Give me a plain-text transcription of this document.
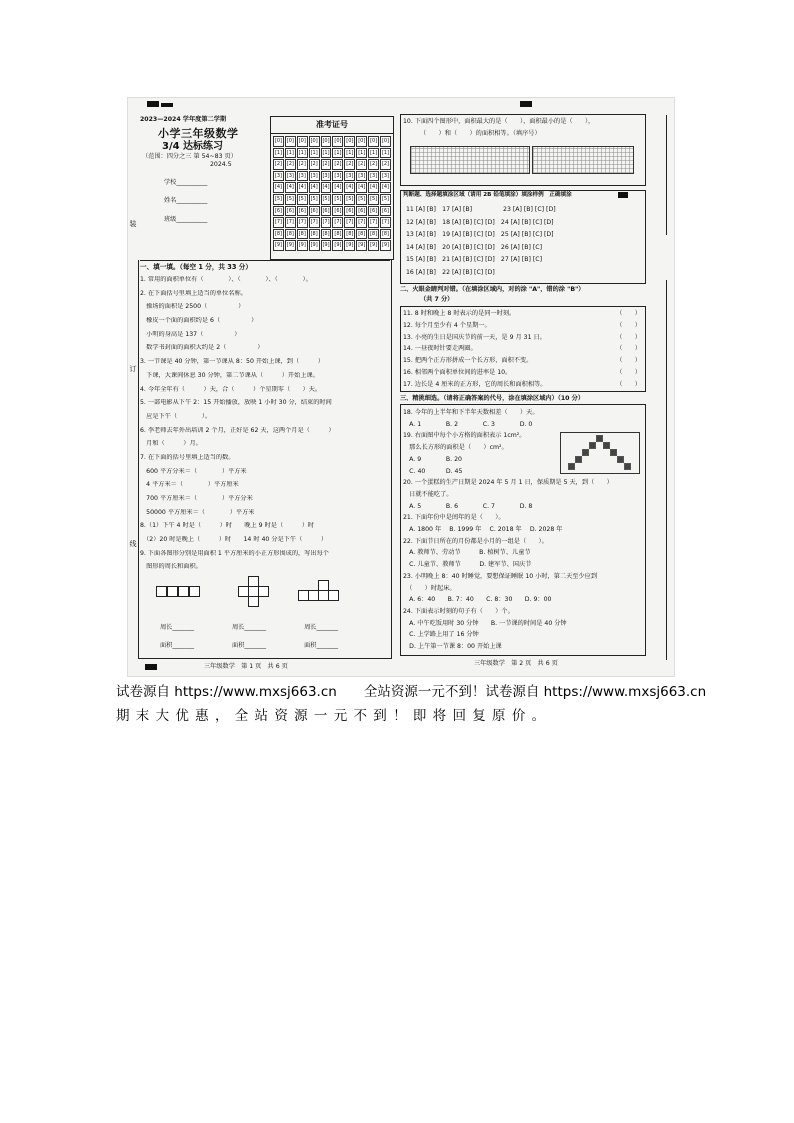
装
订
线
2023—2024 学年度第二学期
小学三年级数学
3/4 达标练习
（范围：四分之三 第 54~83 页）
2024.5
学校__________
姓名__________
班级__________
准考证号
[0] [0] [0] [0] [0] [0] [0] [0] [0] [0]
[1] [1] [1] [1] [1] [1] [1] [1] [1] [1]
[2] [2] [2] [2] [2] [2] [2] [2] [2] [2]
[3] [3] [3] [3] [3] [3] [3] [3] [3] [3]
[4] [4] [4] [4] [4] [4] [4] [4] [4] [4]
[5] [5] [5] [5] [5] [5] [5] [5] [5] [5]
[6] [6] [6] [6] [6] [6] [6] [6] [6] [6]
[7] [7] [7] [7] [7] [7] [7] [7] [7] [7]
[8] [8] [8] [8] [8] [8] [8] [8] [8] [8]
[9] [9] [9] [9] [9] [9] [9] [9] [9] [9]
一、填一填。（每空 1 分，共 33 分）
1. 常用的面积单位有（　　　　）、（　　　　）、（　　　　）。
2. 在下面括号里填上适当的单位名称。
　操场的面积是 2500（　　　　　）
　橡皮一个面的面积约是 6（　　　　　）
　小明的身高是 137（　　　　　）
　数学书封面的面积大约是 2（　　　　　）
3. 一节课是 40 分钟，第一节课从 8：50 开始上课，到（　　　）
　下课，大课间休息 30 分钟，第二节课从（　　　）开始上课。
4. 今年全年有（　　　）天，合（　　　）个星期零（　　）天。
5. 一部电影从下午 2：15 开始播放，放映 1 小时 30 分，结束的时间
　应是下午（　　　　）。
6. 李老师去年外出培训 2 个月，正好是 62 天，这两个月是（　　　）
　月和（　　　）月。
7. 在下面的括号里填上适当的数。
　600 平方分米＝（　　　　）平方米
　4 平方米＝（　　　　）平方厘米
　700 平方厘米＝（　　　　）平方分米
　50000 平方厘米＝（　　　　）平方米
8.（1）下午 4 时是（　　　）时　　晚上 9 时是（　　　）时
　（2）20 时是晚上（　　　）时　　14 时 40 分是下午（　　　）
9. 下面各图形分别是用面积 1 平方厘米的小正方形围成的，写出每个
　图形的周长和面积。
周长_______	周长_______	周长_______
面积_______	面积_______	面积_______
三年级数学　第 1 页　共 6 页
10. 下面四个图形中，面积最大的是（　　），面积最小的是（　　），
（　　）和（　　）的面积相等。（填序号）
判断题、选择题填涂区域（请用 2B 铅笔填涂）填涂样例　正确填涂
11 [A] [B]　17 [A] [B]　　　　　23 [A] [B] [C] [D]
12 [A] [B]　18 [A] [B] [C] [D]　24 [A] [B] [C] [D]
13 [A] [B]　19 [A] [B] [C] [D]　25 [A] [B] [C] [D]
14 [A] [B]　20 [A] [B] [C] [D]　26 [A] [B] [C]
15 [A] [B]　21 [A] [B] [C] [D]　27 [A] [B] [C]
16 [A] [B]　22 [A] [B] [C] [D]
二、火眼金睛判对错。（在填涂区域内，对的涂 "A"，错的涂 "B"）
（共 7 分）
11. 8 时和晚上 8 时表示的是同一时刻。	（　　）
12. 每个月至少有 4 个星期一。	（　　）
13. 小亮的生日是国庆节的前一天，是 9 月 31 日。	（　　）
14. 一昼夜时针要走两圈。	（　　）
15. 把两个正方形拼成一个长方形，面积不变。	（　　）
16. 相邻两个面积单位间的进率是 10。	（　　）
17. 边长是 4 厘米的正方形，它的周长和面积相等。	（　　）
三、精挑细选。（请将正确答案的代号，涂在填涂区域内）（10 分）
18. 今年的上半年和下半年天数相差（　　）天。
　A. 1　　　　B. 2　　　　C. 3　　　　D. 0
19. 右面图中每个小方格的面积表示 1cm²。
　那么长方形的面积是（　　）cm²。
　A. 9　　　　B. 20
　C. 40　　　 D. 45
20. 一个蛋糕的生产日期是 2024 年 5 月 1 日，保质期是 5 天，到（　　）
　日就不能吃了。
　A. 5　　　　B. 6　　　　C. 7　　　　D. 8
21. 下面年份中是闰年的是（　　）。
　A. 1800 年　 B. 1999 年　 C. 2018 年　 D. 2028 年
22. 下面节日所在的月份都是小月的一组是（　　）。
　A. 教师节、劳动节　　　B. 植树节、儿童节
　C. 儿童节、教师节　　　D. 建军节、国庆节
23. 小明晚上 8：40 时睡觉，要想保证睡眠 10 小时，第二天至少应到
　（　　）时起床。
　A. 6：40　　B. 7：40　　C. 8：30　　D. 9：00
24. 下面表示时刻的句子有（　　）个。
　A. 中午吃饭用时 30 分钟　　B. 一节课的时间是 40 分钟
　C. 上学路上用了 16 分钟
　D. 上午第一节课 8：00 开始上课
三年级数学　第 2 页　共 6 页
试卷源自 https://www.mxsj663.cn　　全站资源一元不到！试卷源自 https://www.mxsj663.cn
期 末 大 优 惠 ， 全 站 资 源 一 元 不 到 ！ 即 将 回 复 原 价 。
